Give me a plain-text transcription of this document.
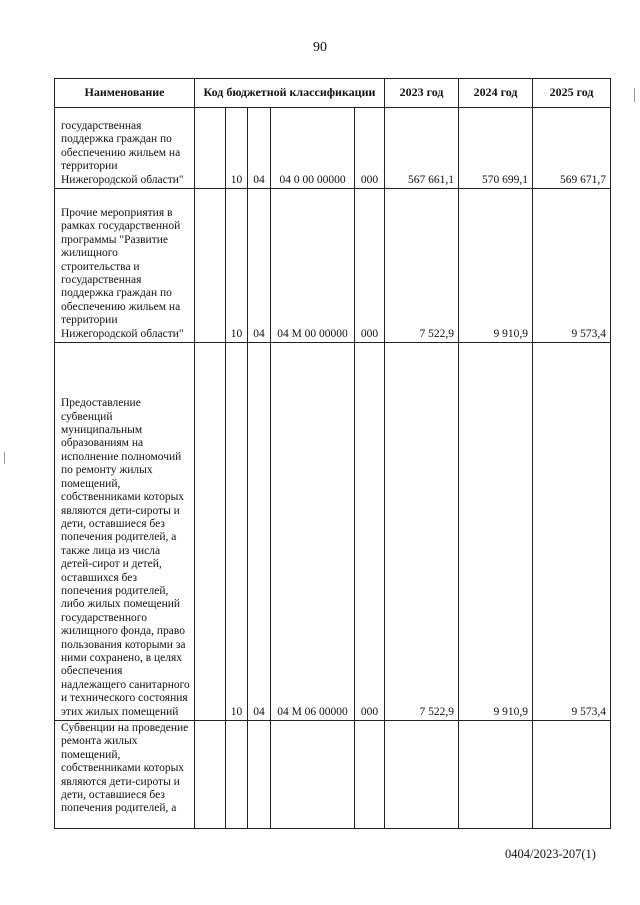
90
Наименование	Код бюджетной классификации					2023 год	2024 год	2025 год
государственная поддержка граждан по обеспечению жильем на территории Нижегородской области"		10	04	04 0 00 00000	000	567 661,1	570 699,1	569 671,7
Прочие мероприятия в рамках государственной программы "Развитие жилищного строительства и государственная поддержка граждан по обеспечению жильем на территории Нижегородской области"		10	04	04 М 00 00000	000	7 522,9	9 910,9	9 573,4
Предоставление субвенций муниципальным образованиям на исполнение полномочий по ремонту жилых помещений, собственниками которых являются дети-сироты и дети, оставшиеся без попечения родителей, а также лица из числа детей-сирот и детей, оставшихся без попечения родителей, либо жилых помещений государственного жилищного фонда, право пользования которыми за ними сохранено, в целях обеспечения надлежащего санитарного и технического состояния этих жилых помещений		10	04	04 М 06 00000	000	7 522,9	9 910,9	9 573,4
Субвенции на проведение ремонта жилых помещений, собственниками которых являются дети-сироты и дети, оставшиеся без попечения родителей, а								
0404/2023-207(1)
